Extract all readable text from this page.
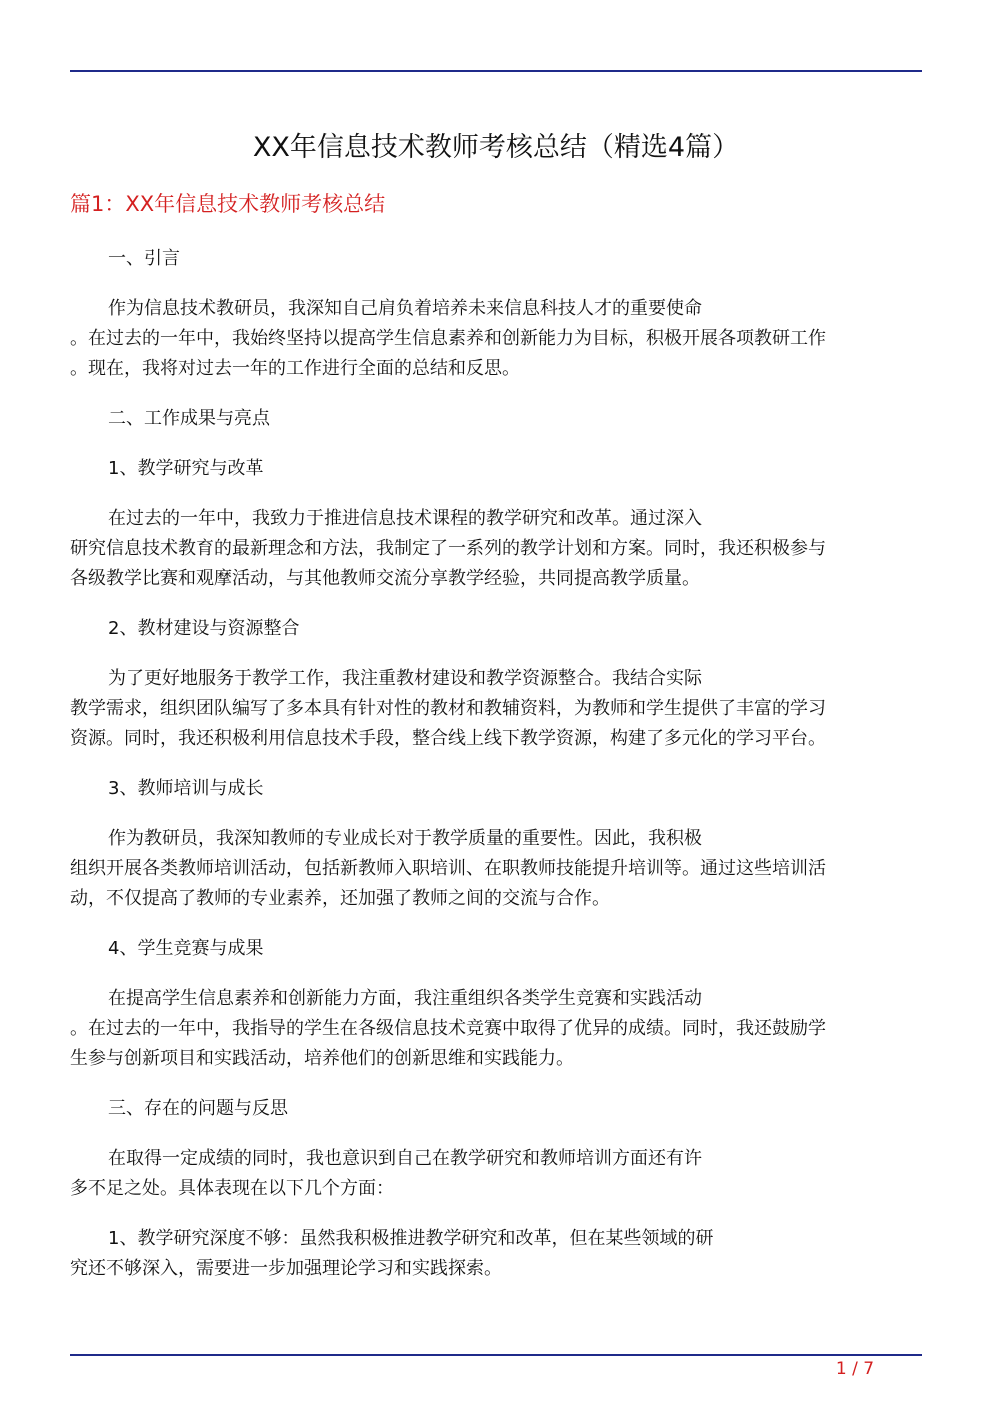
XX年信息技术教师考核总结（精选4篇）
篇1：XX年信息技术教师考核总结
一、引言
作为信息技术教研员，我深知自己肩负着培养未来信息科技人才的重要使命
。在过去的一年中，我始终坚持以提高学生信息素养和创新能力为目标，积极开展各项教研工作
。现在，我将对过去一年的工作进行全面的总结和反思。
二、工作成果与亮点
1、教学研究与改革
在过去的一年中，我致力于推进信息技术课程的教学研究和改革。通过深入
研究信息技术教育的最新理念和方法，我制定了一系列的教学计划和方案。同时，我还积极参与
各级教学比赛和观摩活动，与其他教师交流分享教学经验，共同提高教学质量。
2、教材建设与资源整合
为了更好地服务于教学工作，我注重教材建设和教学资源整合。我结合实际
教学需求，组织团队编写了多本具有针对性的教材和教辅资料，为教师和学生提供了丰富的学习
资源。同时，我还积极利用信息技术手段，整合线上线下教学资源，构建了多元化的学习平台。
3、教师培训与成长
作为教研员，我深知教师的专业成长对于教学质量的重要性。因此，我积极
组织开展各类教师培训活动，包括新教师入职培训、在职教师技能提升培训等。通过这些培训活
动，不仅提高了教师的专业素养，还加强了教师之间的交流与合作。
4、学生竞赛与成果
在提高学生信息素养和创新能力方面，我注重组织各类学生竞赛和实践活动
。在过去的一年中，我指导的学生在各级信息技术竞赛中取得了优异的成绩。同时，我还鼓励学
生参与创新项目和实践活动，培养他们的创新思维和实践能力。
三、存在的问题与反思
在取得一定成绩的同时，我也意识到自己在教学研究和教师培训方面还有许
多不足之处。具体表现在以下几个方面：
1、教学研究深度不够：虽然我积极推进教学研究和改革，但在某些领域的研
究还不够深入，需要进一步加强理论学习和实践探索。
1 / 7
